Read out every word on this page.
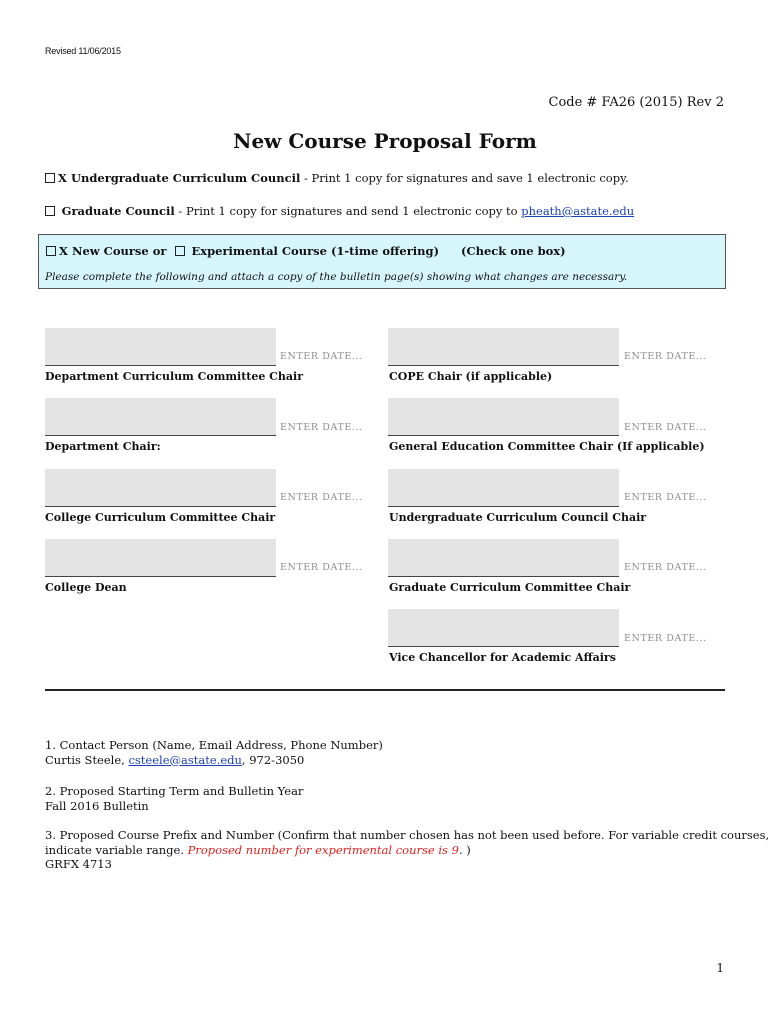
Revised 11/06/2015
Code # FA26 (2015) Rev 2
New Course Proposal Form
X Undergraduate Curriculum Council - Print 1 copy for signatures and save 1 electronic copy.
Graduate Council - Print 1 copy for signatures and send 1 electronic copy to pheath@astate.edu
X New Course or Experimental Course (1-time offering) (Check one box)
Please complete the following and attach a copy of the bulletin page(s) showing what changes are necessary.
ENTER DATE...
Department Curriculum Committee Chair
ENTER DATE...
Department Chair:
ENTER DATE...
College Curriculum Committee Chair
ENTER DATE...
College Dean
ENTER DATE...
COPE Chair (if applicable)
ENTER DATE...
General Education Committee Chair (If applicable)
ENTER DATE...
Undergraduate Curriculum Council Chair
ENTER DATE...
Graduate Curriculum Committee Chair
ENTER DATE...
Vice Chancellor for Academic Affairs
1. Contact Person (Name, Email Address, Phone Number)
Curtis Steele, csteele@astate.edu, 972-3050
2. Proposed Starting Term and Bulletin Year
Fall 2016 Bulletin
3. Proposed Course Prefix and Number (Confirm that number chosen has not been used before. For variable credit courses,
indicate variable range. Proposed number for experimental course is 9. )
GRFX 4713
1
